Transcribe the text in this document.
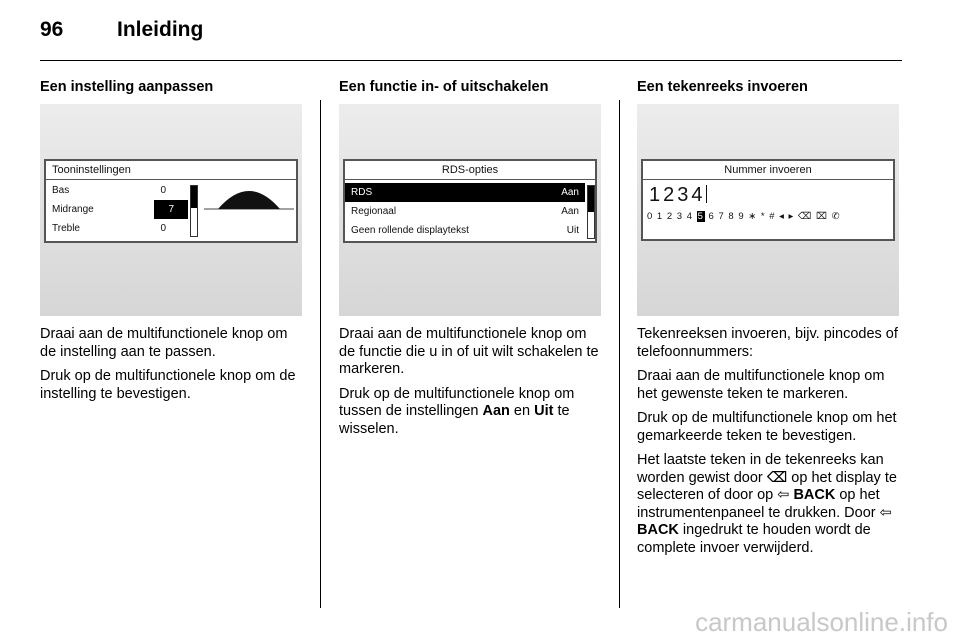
96	Inleiding
Een instelling aanpassen
Tooninstellingen
Bas	0
Midrange	7
Treble	0

Draai aan de multifunctionele knop om de instelling aan te passen.

Druk op de multifunctionele knop om de instelling te bevestigen.

Een functie in- of uitschakelen
RDS-opties
RDS	Aan
Regionaal	Aan
Geen rollende displaytekst	Uit

Draai aan de multifunctionele knop om de functie die u in of uit wilt schakelen te markeren.

Druk op de multifunctionele knop om tussen de instellingen Aan en Uit te wisselen.

Een tekenreeks invoeren
Nummer invoeren
1234
0 1 2 3 4 5 6 7 8 9 ∗ * # ◂ ▸ ⌫ ⌧ ✆

Tekenreeksen invoeren, bijv. pincodes of telefoonnummers:

Draai aan de multifunctionele knop om het gewenste teken te markeren.

Druk op de multifunctionele knop om het gemarkeerde teken te bevestigen.

Het laatste teken in de tekenreeks kan worden gewist door ⌫ op het display te selecteren of door op ⇦ BACK op het instrumentenpaneel te drukken. Door ⇦ BACK ingedrukt te houden wordt de complete invoer verwijderd.

carmanualsonline.info
